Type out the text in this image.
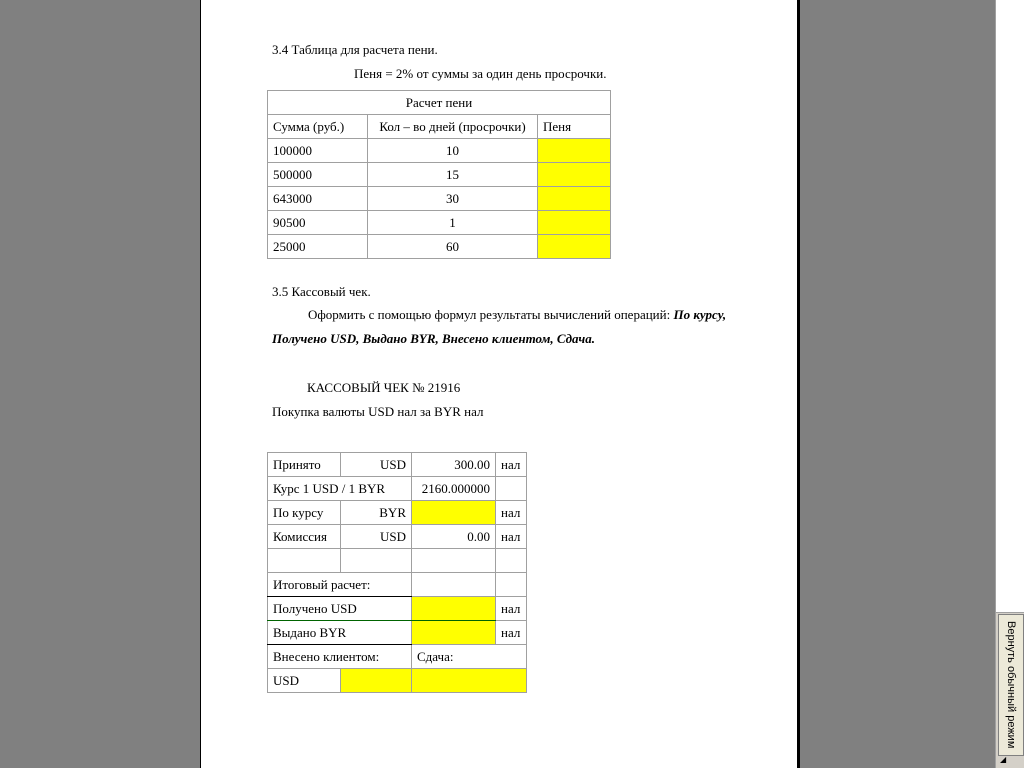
3.4 Таблица для расчета пени.
Пеня = 2% от суммы за один день просрочки.
Расчет пени		
Сумма (руб.)	Кол – во дней (просрочки)	Пеня
100000	10	
500000	15	
643000	30	
90500	1	
25000	60	
3.5 Кассовый чек.
Оформить с помощью формул результаты вычислений операций: По курсу,
Получено USD, Выдано BYR, Внесено клиентом, Сдача.
КАССОВЫЙ ЧЕК № 21916
Покупка валюты USD нал за BYR нал
Принято	USD	300.00	нал
Курс 1 USD / 1 BYR		2160.000000	
По курсу	BYR		нал
Комиссия	USD	0.00	нал

Итоговый расчет:			
Получено USD			нал
Выдано BYR			нал
Внесено клиентом:		Сдача:	
USD				Вернуть обычный режим
◢
